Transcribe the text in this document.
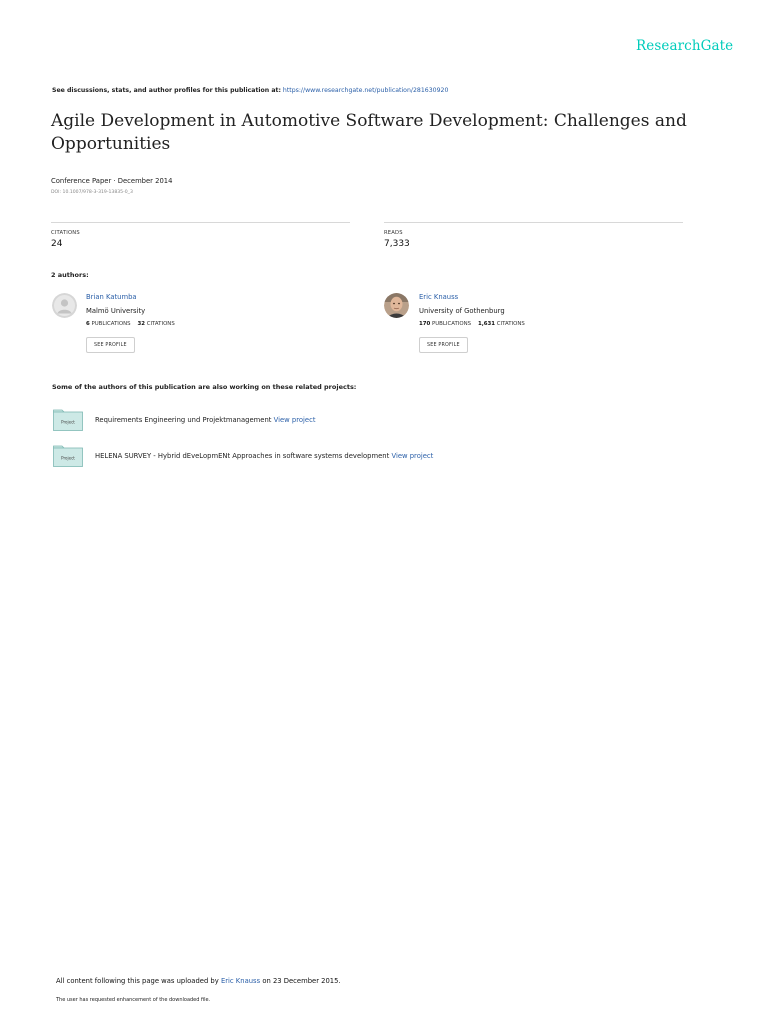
ResearchGate
See discussions, stats, and author profiles for this publication at: https://www.researchgate.net/publication/281630920
Agile Development in Automotive Software Development: Challenges and Opportunities
Conference Paper · December 2014
DOI: 10.1007/978-3-319-13835-0_3
CITATIONS
24
READS
7,333
2 authors:
Brian Katumba
Malmö University
6 PUBLICATIONS 32 CITATIONS
SEE PROFILE
Eric Knauss
University of Gothenburg
170 PUBLICATIONS 1,631 CITATIONS
SEE PROFILE
Some of the authors of this publication are also working on these related projects:
Project	Requirements Engineering und Projektmanagement View project
Project	HELENA SURVEY - Hybrid dEveLopmENt Approaches in software systems development View project
All content following this page was uploaded by Eric Knauss on 23 December 2015.
The user has requested enhancement of the downloaded file.
